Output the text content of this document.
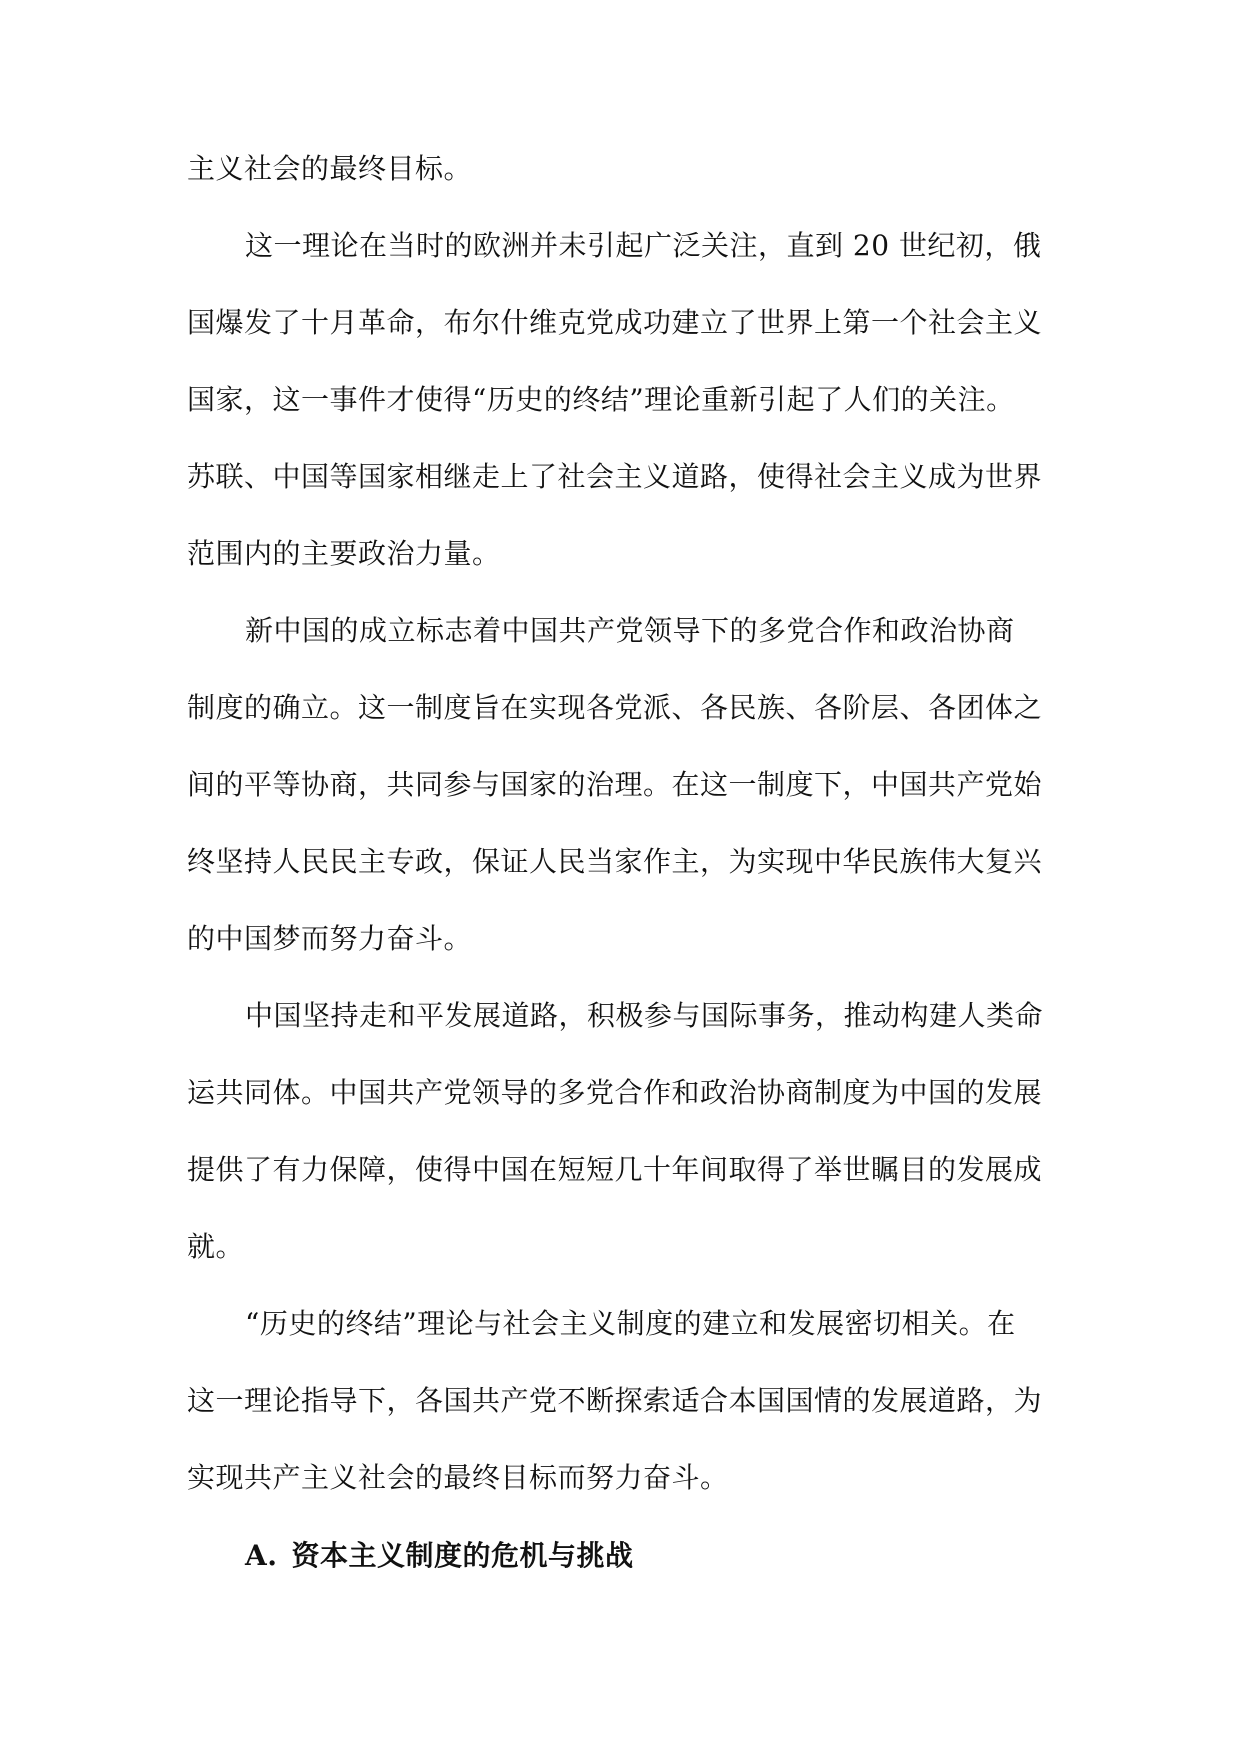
主义社会的最终目标。
这一理论在当时的欧洲并未引起广泛关注，直到 20 世纪初，俄
国爆发了十月革命，布尔什维克党成功建立了世界上第一个社会主义
国家，这一事件才使得“历史的终结”理论重新引起了人们的关注。
苏联、中国等国家相继走上了社会主义道路，使得社会主义成为世界
范围内的主要政治力量。
新中国的成立标志着中国共产党领导下的多党合作和政治协商
制度的确立。这一制度旨在实现各党派、各民族、各阶层、各团体之
间的平等协商，共同参与国家的治理。在这一制度下，中国共产党始
终坚持人民民主专政，保证人民当家作主，为实现中华民族伟大复兴
的中国梦而努力奋斗。
中国坚持走和平发展道路，积极参与国际事务，推动构建人类命
运共同体。中国共产党领导的多党合作和政治协商制度为中国的发展
提供了有力保障，使得中国在短短几十年间取得了举世瞩目的发展成
就。
“历史的终结”理论与社会主义制度的建立和发展密切相关。在
这一理论指导下，各国共产党不断探索适合本国国情的发展道路，为
实现共产主义社会的最终目标而努力奋斗。
A. 资本主义制度的危机与挑战
